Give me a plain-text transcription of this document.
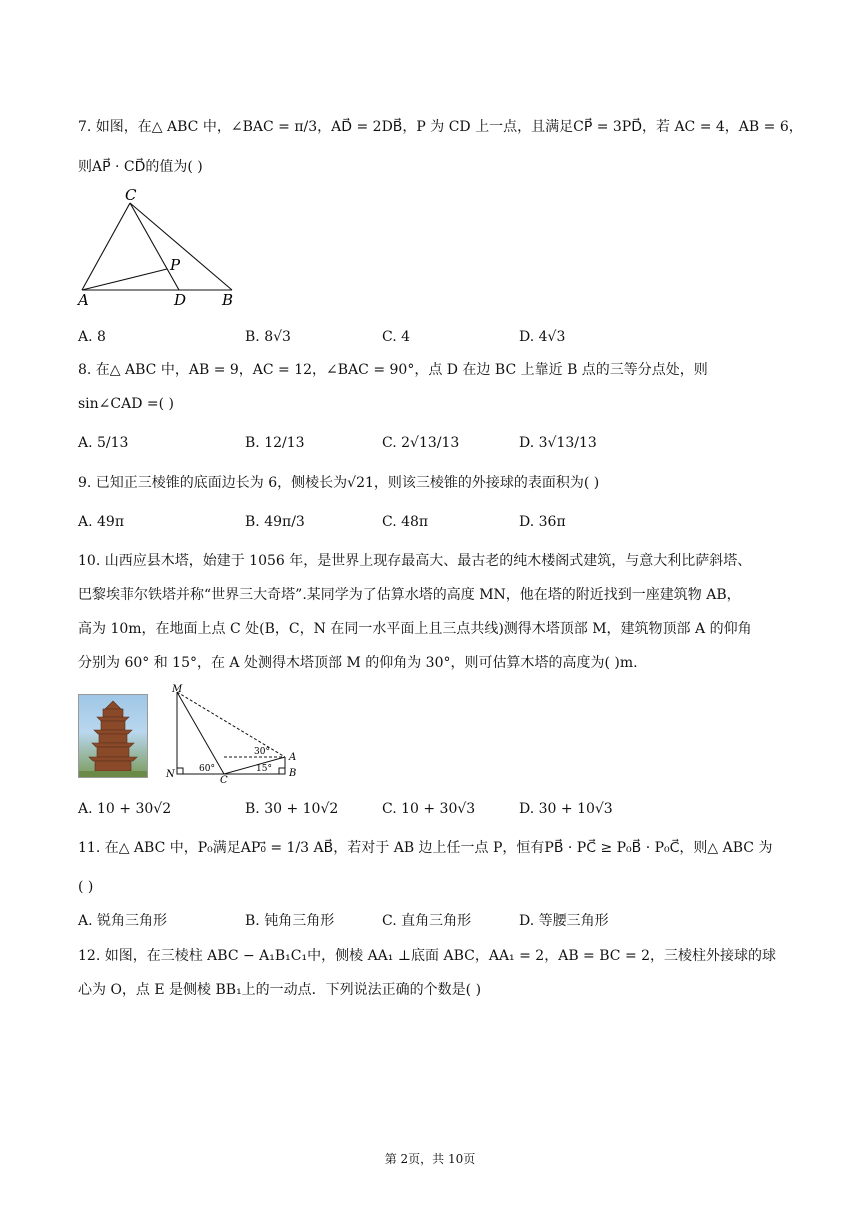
7. 如图，在△ ABC 中，∠BAC = π/3，AD⃗ = 2DB⃗，P 为 CD 上一点，且满足CP⃗ = 3PD⃗，若 AC = 4，AB = 6，
则AP⃗ · CD⃗的值为( )
C
P
A	D B
A. 8	B. 8√3	C. 4	D. 4√3
8. 在△ ABC 中，AB = 9，AC = 12，∠BAC = 90°，点 D 在边 BC 上靠近 B 点的三等分点处，则
sin∠CAD =( )
A. 5/13	B. 12/13	C. 2√13/13	D. 3√13/13
9. 已知正三棱锥的底面边长为 6，侧棱长为√21，则该三棱锥的外接球的表面积为( )
A. 49π	B. 49π/3	C. 48π	D. 36π
10. 山西应县木塔，始建于 1056 年，是世界上现存最高大、最古老的纯木楼阁式建筑，与意大利比萨斜塔、
巴黎埃菲尔铁塔并称“世界三大奇塔”.某同学为了估算水塔的高度 MN，他在塔的附近找到一座建筑物 AB，
高为 10m，在地面上点 C 处(B，C，N 在同一水平面上且三点共线)测得木塔顶部 M，建筑物顶部 A 的仰角
分别为 60° 和 15°，在 A 处测得木塔顶部 M 的仰角为 30°，则可估算木塔的高度为( )m.
M
N
C
A
B
60°	15°
30°
A. 10 + 30√2	B. 30 + 10√2	C. 10 + 30√3	D. 30 + 10√3
11. 在△ ABC 中，P₀满足AP₀⃗ = 1/3 AB⃗，若对于 AB 边上任一点 P，恒有PB⃗ · PC⃗ ≥ P₀B⃗ · P₀C⃗，则△ ABC 为
( )
A. 锐角三角形	B. 钝角三角形	C. 直角三角形	D. 等腰三角形
12. 如图，在三棱柱 ABC − A₁B₁C₁中，侧棱 AA₁ ⊥底面 ABC，AA₁ = 2，AB = BC = 2，三棱柱外接球的球
心为 O，点 E 是侧棱 BB₁上的一动点．下列说法正确的个数是( )
第 2页，共 10页
